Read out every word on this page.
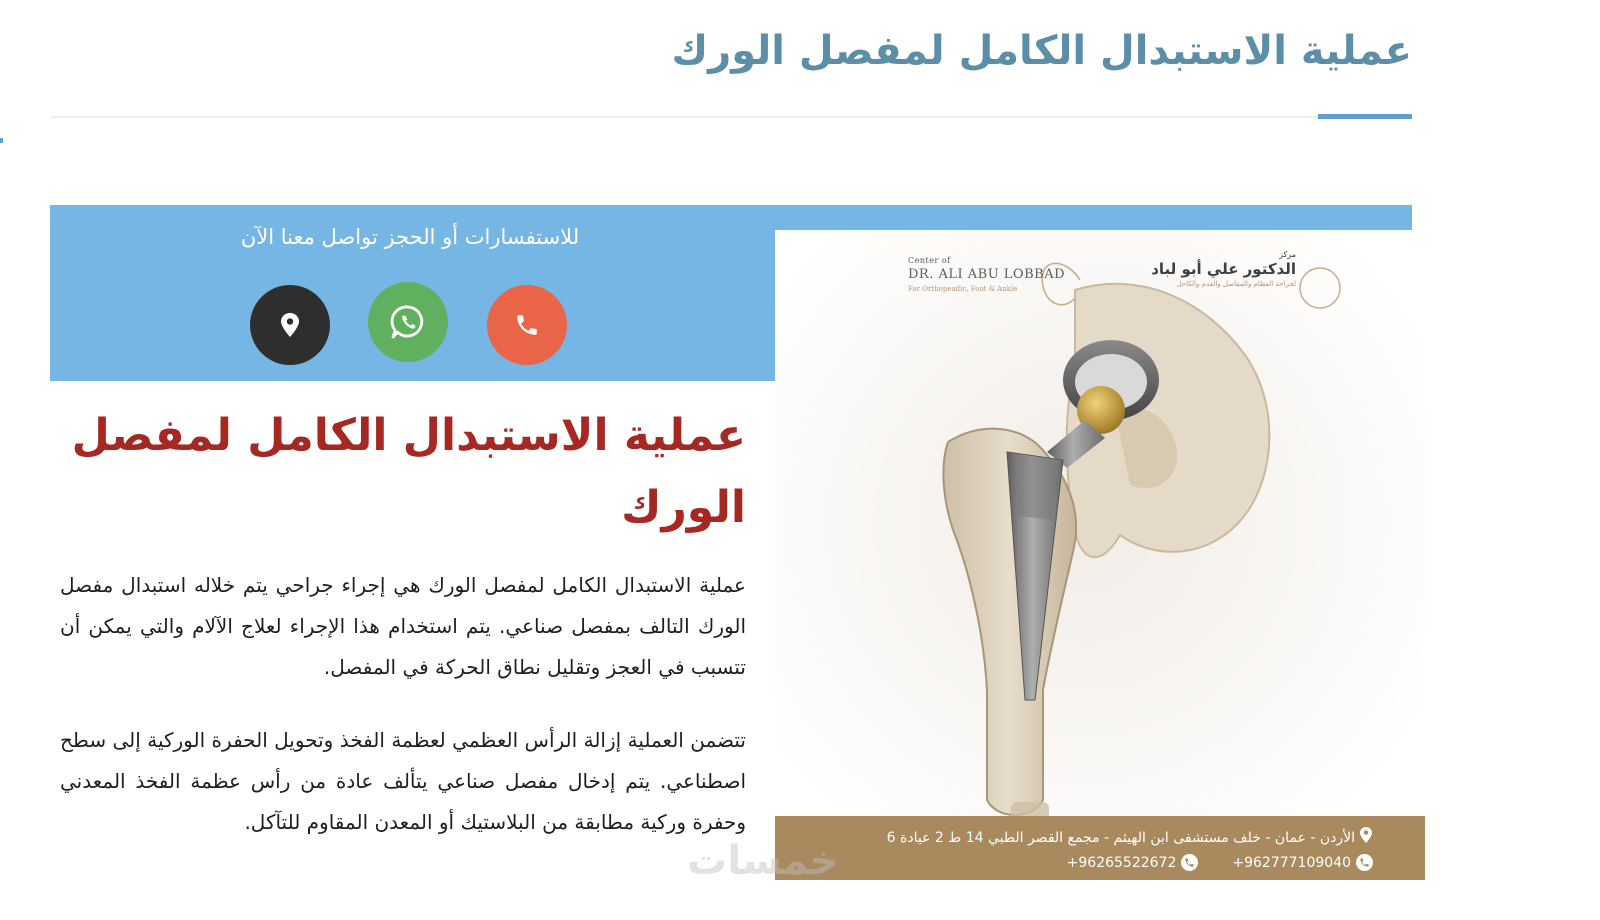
عملية الاستبدال الكامل لمفصل الورك
للاستفسارات أو الحجز تواصل معنا الآن
Center of
DR. ALI ABU LOBBAD
For Orthopeadic, Foot & Ankle
مركز
الدكتور علي أبو لباد
لجراحة العظام والمفاصل والقدم والكاحل
الأردن - عمان - خلف مستشفى ابن الهيثم - مجمع القصر الطبي 14 ط 2 عيادة 6
+962777109040
+96265522672
عملية الاستبدال الكامل لمفصل الورك

عملية الاستبدال الكامل لمفصل الورك هي إجراء جراحي يتم خلاله استبدال مفصل الورك التالف بمفصل صناعي. يتم استخدام هذا الإجراء لعلاج الآلام والتي يمكن أن تتسبب في العجز وتقليل نطاق الحركة في المفصل.

تتضمن العملية إزالة الرأس العظمي لعظمة الفخذ وتحويل الحفرة الوركية إلى سطح اصطناعي. يتم إدخال مفصل صناعي يتألف عادة من رأس عظمة الفخذ المعدني وحفرة وركية مطابقة من البلاستيك أو المعدن المقاوم للتآكل.

خمسات
